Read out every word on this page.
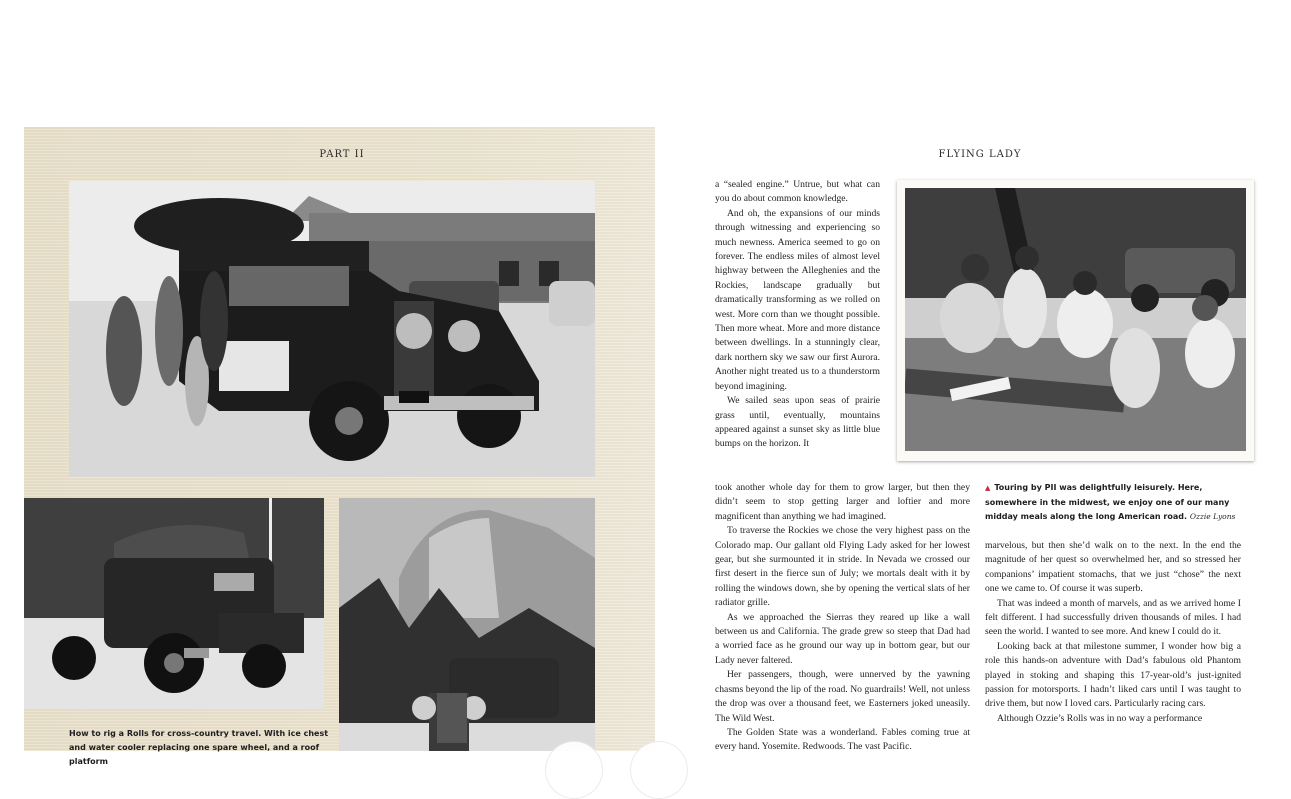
PART II
How to rig a Rolls for cross-country travel. With ice chest and water cooler replacing one spare wheel, and a roof platform
FLYING LADY

a “sealed engine.” Untrue, but what can you do about common knowledge.

And oh, the expansions of our minds through witnessing and experiencing so much newness. America seemed to go on forever. The endless miles of almost level highway between the Alleghenies and the Rockies, landscape gradually but dramatically transforming as we rolled on west. More corn than we thought possible. Then more wheat. More and more distance between dwellings. In a stunningly clear, dark northern sky we saw our first Aurora. Another night treated us to a thunderstorm beyond imagining.

We sailed seas upon seas of prairie grass until, eventually, mountains appeared against a sunset sky as little blue bumps on the horizon. It

▲ Touring by PII was delightfully leisurely. Here, somewhere in the midwest, we enjoy one of our many midday meals along the long American road. Ozzie Lyons

took another whole day for them to grow larger, but then they didn’t seem to stop getting larger and loftier and more magnificent than anything we had imagined.

To traverse the Rockies we chose the very highest pass on the Colorado map. Our gallant old Flying Lady asked for her lowest gear, but she surmounted it in stride. In Nevada we crossed our first desert in the fierce sun of July; we mortals dealt with it by rolling the windows down, she by opening the vertical slats of her radiator grille.

As we approached the Sierras they reared up like a wall between us and California. The grade grew so steep that Dad had a worried face as he ground our way up in bottom gear, but our Lady never faltered.

Her passengers, though, were unnerved by the yawning chasms beyond the lip of the road. No guardrails! Well, not unless the drop was over a thousand feet, we Easterners joked uneasily. The Wild West.

The Golden State was a wonderland. Fables coming true at every hand. Yosemite. Redwoods. The vast Pacific.

marvelous, but then she’d walk on to the next. In the end the magnitude of her quest so overwhelmed her, and so stressed her companions’ impatient stomachs, that we just “chose” the next one we came to. Of course it was superb.

That was indeed a month of marvels, and as we arrived home I felt different. I had successfully driven thousands of miles. I had seen the world. I wanted to see more. And knew I could do it.

Looking back at that milestone summer, I wonder how big a role this hands-on adventure with Dad’s fabulous old Phantom played in stoking and shaping this 17-year-old’s just-ignited passion for motorsports. I hadn’t liked cars until I was taught to drive them, but now I loved cars. Particularly racing cars.

Although Ozzie’s Rolls was in no way a performance
